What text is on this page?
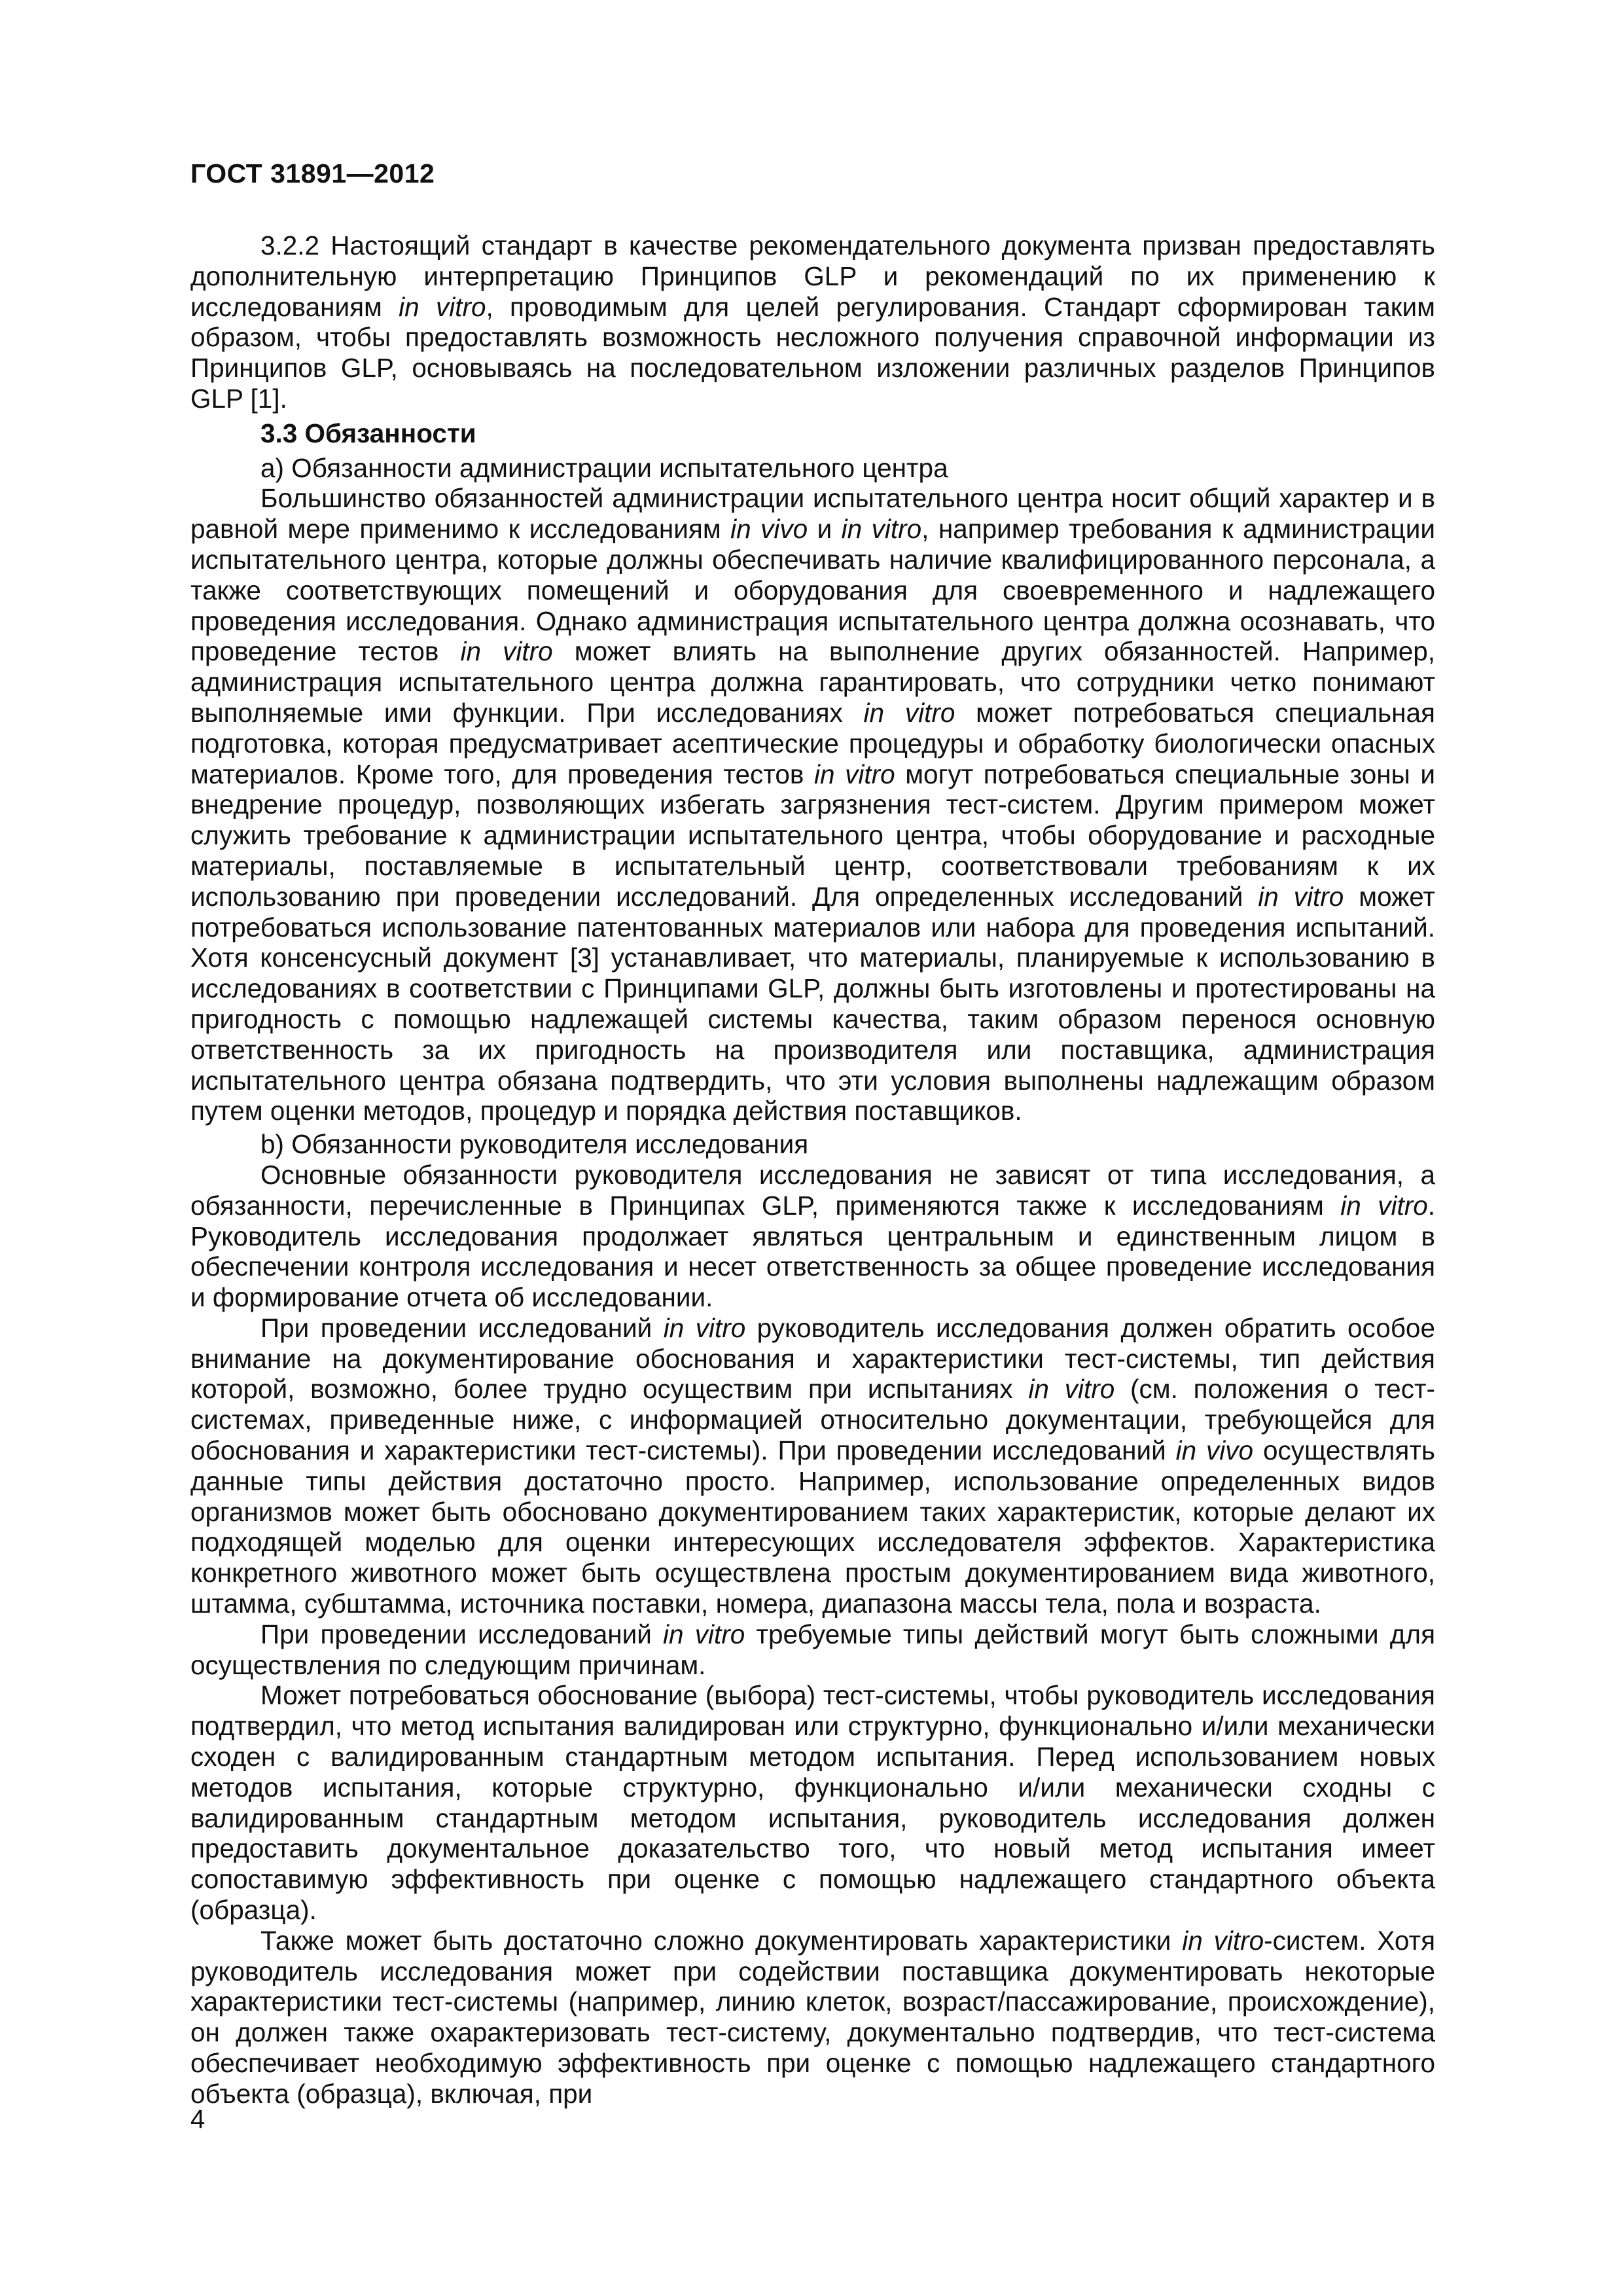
ГОСТ 31891—2012

3.2.2 Настоящий стандарт в качестве рекомендательного документа призван предоставлять дополнительную интерпретацию Принципов GLP и рекомендаций по их применению к исследованиям in vitro, проводимым для целей регулирования. Стандарт сформирован таким образом, чтобы предоставлять возможность несложного получения справочной информации из Принципов GLP, основываясь на последовательном изложении различных разделов Принципов GLP [1].

3.3 Обязанности

a) Обязанности администрации испытательного центра

Большинство обязанностей администрации испытательного центра носит общий характер и в равной мере применимо к исследованиям in vivo и in vitro, например требования к администрации испытательного центра, которые должны обеспечивать наличие квалифицированного персонала, а также соответствующих помещений и оборудования для своевременного и надлежащего проведения исследования. Однако администрация испытательного центра должна осознавать, что проведение тестов in vitro может влиять на выполнение других обязанностей. Например, администрация испытательного центра должна гарантировать, что сотрудники четко понимают выполняемые ими функции. При исследованиях in vitro может потребоваться специальная подготовка, которая предусматривает асептические процедуры и обработку биологически опасных материалов. Кроме того, для проведения тестов in vitro могут потребоваться специальные зоны и внедрение процедур, позволяющих избегать загрязнения тест-систем. Другим примером может служить требование к администрации испытательного центра, чтобы оборудование и расходные материалы, поставляемые в испытательный центр, соответствовали требованиям к их использованию при проведении исследований. Для определенных исследований in vitro может потребоваться использование патентованных материалов или набора для проведения испытаний. Хотя консенсусный документ [3] устанавливает, что материалы, планируемые к использованию в исследованиях в соответствии с Принципами GLP, должны быть изготовлены и протестированы на пригодность с помощью надлежащей системы качества, таким образом перенося основную ответственность за их пригодность на производителя или поставщика, администрация испытательного центра обязана подтвердить, что эти условия выполнены надлежащим образом путем оценки методов, процедур и порядка действия поставщиков.

b) Обязанности руководителя исследования

Основные обязанности руководителя исследования не зависят от типа исследования, а обязанности, перечисленные в Принципах GLP, применяются также к исследованиям in vitro. Руководитель исследования продолжает являться центральным и единственным лицом в обеспечении контроля исследования и несет ответственность за общее проведение исследования и формирование отчета об исследовании.

При проведении исследований in vitro руководитель исследования должен обратить особое внимание на документирование обоснования и характеристики тест-системы, тип действия которой, возможно, более трудно осуществим при испытаниях in vitro (см. положения о тест-системах, приведенные ниже, с информацией относительно документации, требующейся для обоснования и характеристики тест-системы). При проведении исследований in vivo осуществлять данные типы действия достаточно просто. Например, использование определенных видов организмов может быть обосновано документированием таких характеристик, которые делают их подходящей моделью для оценки интересующих исследователя эффектов. Характеристика конкретного животного может быть осуществлена простым документированием вида животного, штамма, субштамма, источника поставки, номера, диапазона массы тела, пола и возраста.

При проведении исследований in vitro требуемые типы действий могут быть сложными для осуществления по следующим причинам.

Может потребоваться обоснование (выбора) тест-системы, чтобы руководитель исследования подтвердил, что метод испытания валидирован или структурно, функционально и/или механически сходен с валидированным стандартным методом испытания. Перед использованием новых методов испытания, которые структурно, функционально и/или механически сходны с валидированным стандартным методом испытания, руководитель исследования должен предоставить документальное доказательство того, что новый метод испытания имеет сопоставимую эффективность при оценке с помощью надлежащего стандартного объекта (образца).

Также может быть достаточно сложно документировать характеристики in vitro-систем. Хотя руководитель исследования может при содействии поставщика документировать некоторые характеристики тест-системы (например, линию клеток, возраст/пассажирование, происхождение), он должен также охарактеризовать тест-систему, документально подтвердив, что тест-система обеспечивает необходимую эффективность при оценке с помощью надлежащего стандартного объекта (образца), включая, при

4
